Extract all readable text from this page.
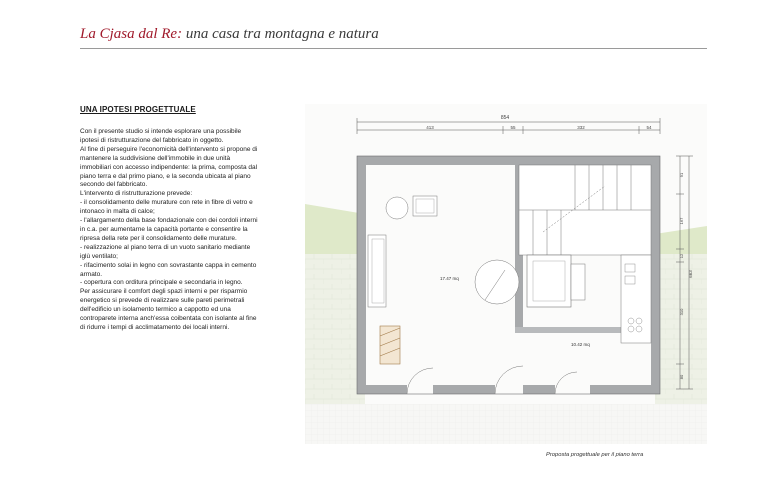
La Cjasa dal Re: una casa tra montagna e natura
UNA IPOTESI PROGETTUALE

Con il presente studio si intende esplorare una possibile ipotesi di ristrutturazione del fabbricato in oggetto.

Al fine di perseguire l'economicità dell'intervento si propone di mantenere la suddivisione dell'immobile in due unità immobiliari con accesso indipendente: la prima, composta dal piano terra e dal primo piano, e la seconda ubicata al piano secondo del fabbricato.

L'intervento di ristrutturazione prevede:

- il consolidamento delle murature con rete in fibre di vetro e intonaco in malta di calce;

- l'allargamento della base fondazionale con dei cordoli interni in c.a. per aumentarne la capacità portante e consentire la ripresa della rete per il consolidamento delle murature.

- realizzazione al piano terra di un vuoto sanitario mediante iglù ventilato;

- rifacimento solai in legno con sovrastante cappa in cemento armato.

- copertura con orditura principale e secondaria in legno.

Per assicurare il comfort degli spazi interni e per risparmio energetico si prevede di realizzare sulle pareti perimetrali dell'edificio un isolamento termico a cappotto ed una controparete interna anch'essa coibentata con isolante al fine di ridurre i tempi di acclimatamento dei locali interni.

854
413	55	332	54
91
167
12
310
80
663
17.47 mq
10.42 mq
Proposta progettuale per il piano terra
